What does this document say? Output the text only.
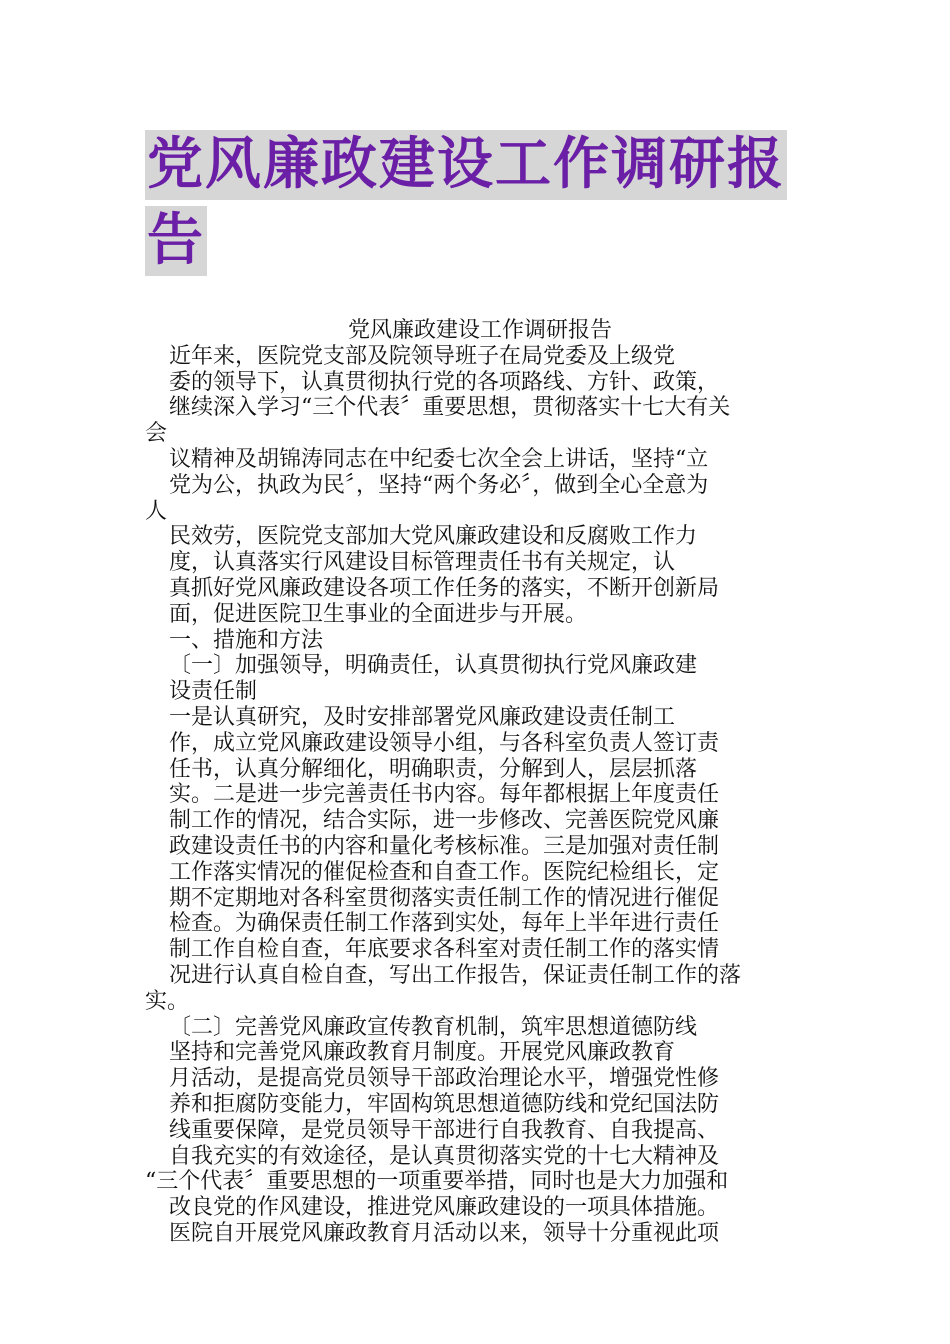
党风廉政建设工作调研报
告
党风廉政建设工作调研报告
近年来，医院党支部及院领导班子在局党委及上级党
委的领导下，认真贯彻执行党的各项路线、方针、政策，
继续深入学习“三个代表〞重要思想，贯彻落实十七大有关
会
议精神及胡锦涛同志在中纪委七次全会上讲话，坚持“立
党为公，执政为民〞，坚持“两个务必〞，做到全心全意为
人
民效劳，医院党支部加大党风廉政建设和反腐败工作力
度，认真落实行风建设目标管理责任书有关规定，认
真抓好党风廉政建设各项工作任务的落实，不断开创新局
面，促进医院卫生事业的全面进步与开展。
一、措施和方法
〔一〕加强领导，明确责任，认真贯彻执行党风廉政建
设责任制
一是认真研究，及时安排部署党风廉政建设责任制工
作，成立党风廉政建设领导小组，与各科室负责人签订责
任书，认真分解细化，明确职责，分解到人，层层抓落
实。二是进一步完善责任书内容。每年都根据上年度责任
制工作的情况，结合实际，进一步修改、完善医院党风廉
政建设责任书的内容和量化考核标准。三是加强对责任制
工作落实情况的催促检查和自查工作。医院纪检组长，定
期不定期地对各科室贯彻落实责任制工作的情况进行催促
检查。为确保责任制工作落到实处，每年上半年进行责任
制工作自检自查，年底要求各科室对责任制工作的落实情
况进行认真自检自查，写出工作报告，保证责任制工作的落
实。
〔二〕完善党风廉政宣传教育机制，筑牢思想道德防线
坚持和完善党风廉政教育月制度。开展党风廉政教育
月活动，是提高党员领导干部政治理论水平，增强党性修
养和拒腐防变能力，牢固构筑思想道德防线和党纪国法防
线重要保障，是党员领导干部进行自我教育、自我提高、
自我充实的有效途径，是认真贯彻落实党的十七大精神及
“三个代表〞重要思想的一项重要举措，同时也是大力加强和
改良党的作风建设，推进党风廉政建设的一项具体措施。
医院自开展党风廉政教育月活动以来，领导十分重视此项
